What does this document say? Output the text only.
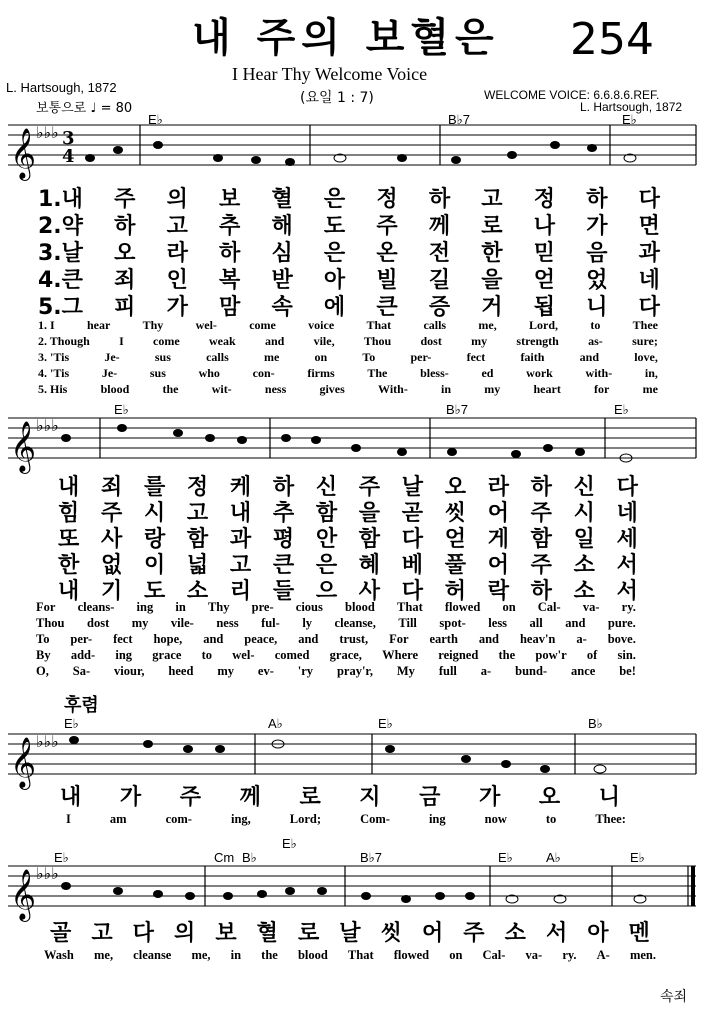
내 주의 보혈은 254
I Hear Thy Welcome Voice
(요일 1 : 7)
L. Hartsough, 1872
보통으로 ♩ = 80
WELCOME VOICE: 6.6.8.6.REF.
L. Hartsough, 1872
𝄞
𝄞
𝄞
𝄞
♭♭♭
♭♭♭
♭♭♭
♭♭♭
3
4
E♭	B♭7	E♭
E♭	B♭7	E♭
E♭	A♭	E♭	B♭
E♭	Cm B♭
E♭
B♭7	E♭	A♭	E♭
1.내 주 의 보 혈 은 정 하 고 정 하 다
2.약 하 고 추 해 도 주 께 로 나 가 면
3.날 오 라 하 심 은 온 전 한 믿 음 과
4.큰 죄 인 복 받 아 빌 길 을 얻 었 네
5.그 피 가 맘 속 에 큰 증 거 됩 니 다
1. I	hear	Thy	wel-	come	voice	That	calls	me,	Lord,	to	Thee
2. Though I come weak and vile, Thou dost my strength as- sure;
3. 'Tis	Je-	sus	calls	me	on	To	per-	fect	faith	and	love,
4. 'Tis	Je-	sus	who	con-	firms	The	bless-	ed	work	with-	in,
5. His	blood	the	wit-	ness	gives	With-	in	my	heart	for	me
내 죄 를 정 케 하 신 주 날 오 라 하 신 다
힘 주 시 고 내 추 함 을 곧 씻 어 주 시 네
또 사 랑 함 과 평 안 함 다 얻 게 함 일 세
한 없 이 넓 고 큰 은 혜 베 풀 어 주 소 서
내 기 도 소 리 들 으 사 다 허 락 하 소 서
For cleans- ing in Thy pre- cious blood That flowed on Cal- va- ry.
Thou dost my vile- ness ful- ly cleanse, Till spot- less all and pure.
To per- fect hope, and peace, and trust, For earth and heav'n a- bove.
By add- ing grace to wel- comed grace, Where reigned the pow'r of sin.
O, Sa- viour, heed my ev- 'ry pray'r, My full a- bund- ance be!
후렴
내 가 주 께 로 지 금 가 오 니
I	am	com-	ing,	Lord;	Com-	ing	now	to	Thee:
골 고 다 의 보 혈 로 날 씻 어 주 소 서 아 멘
Wash me, cleanse me, in the blood That flowed on Cal- va- ry. A- men.
속죄
